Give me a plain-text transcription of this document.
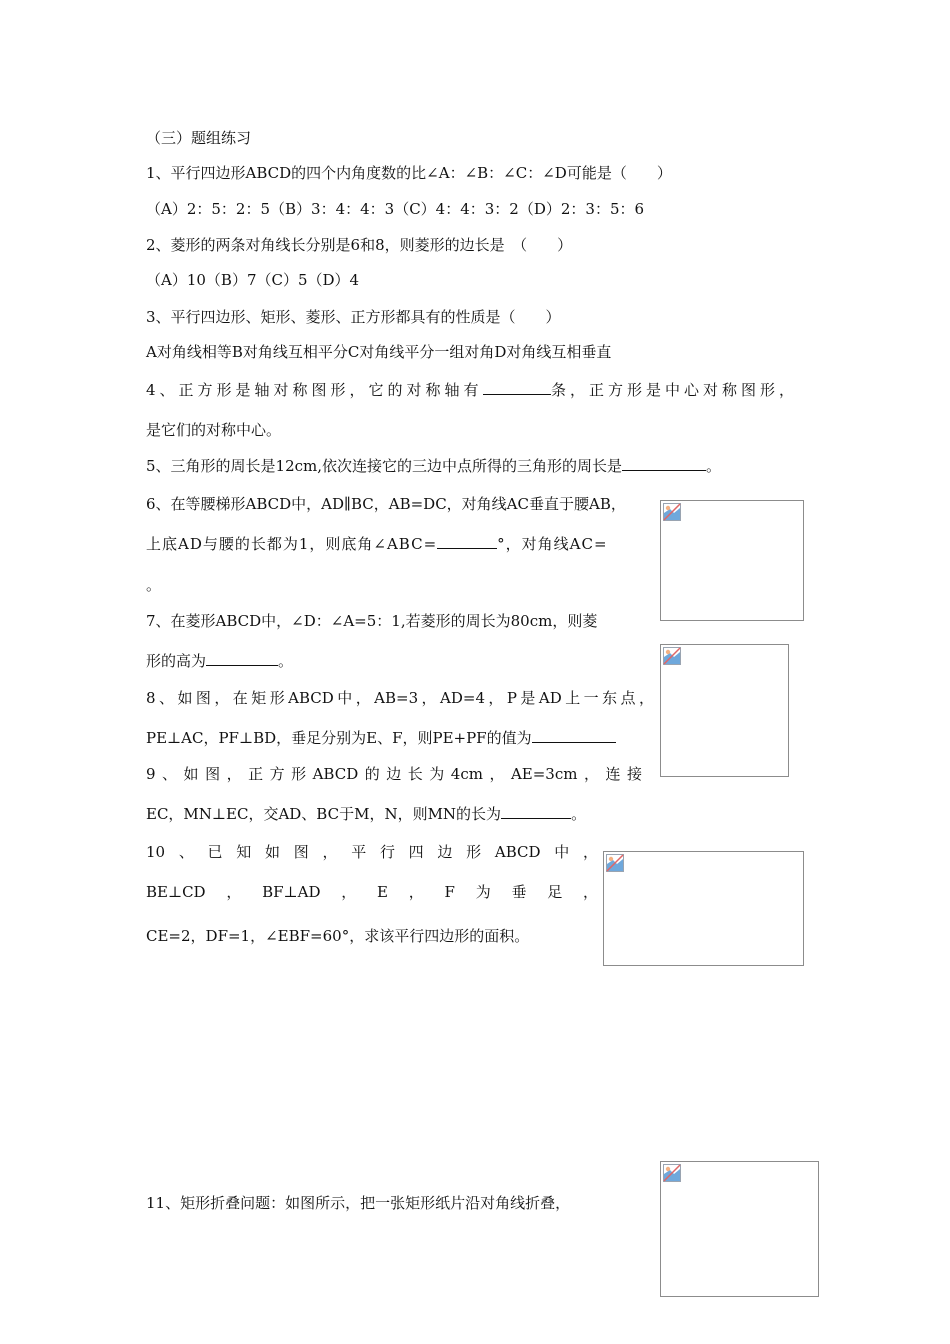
（三）题组练习
1、平行四边形ABCD的四个内角度数的比∠A：∠B：∠C：∠D可能是（　　）
（A）2：5：2：5（B）3：4：4：3（C）4：4：3：2（D）2：3：5：6
2、菱形的两条对角线长分别是6和8，则菱形的边长是　（　　）
（A）10（B）7（C）5（D）4
3、平行四边形、矩形、菱形、正方形都具有的性质是（　　）
A对角线相等B对角线互相平分C对角线平分一组对角D对角线互相垂直
4、正方形是轴对称图形，它的对称轴有	条，正方形是中心对称图形，
是它们的对称中心。
5、三角形的周长是12cm,依次连接它的三边中点所得的三角形的周长是	。
6、在等腰梯形ABCD中，AD∥BC，AB=DC，对角线AC垂直于腰AB，
上底AD与腰的长都为1，则底角∠ABC=	°，对角线AC=
。
7、在菱形ABCD中，∠D：∠A=5：1,若菱形的周长为80cm，则菱
形的高为	。
8、如图，在矩形ABCD中，AB=3，AD=4，P是AD上一东点，
PE⊥AC，PF⊥BD，垂足分别为E、F，则PE+PF的值为
9、如图，正方形ABCD的边长为4cm，AE=3cm，连接
EC，MN⊥EC，交AD、BC于M，N，则MN的长为	。
10、已知如图，平行四边形ABCD中，
BE⊥CD，BF⊥AD，E，F为垂足，
CE=2，DF=1，∠EBF=60°，求该平行四边形的面积。
11、矩形折叠问题：如图所示，把一张矩形纸片沿对角线折叠，
